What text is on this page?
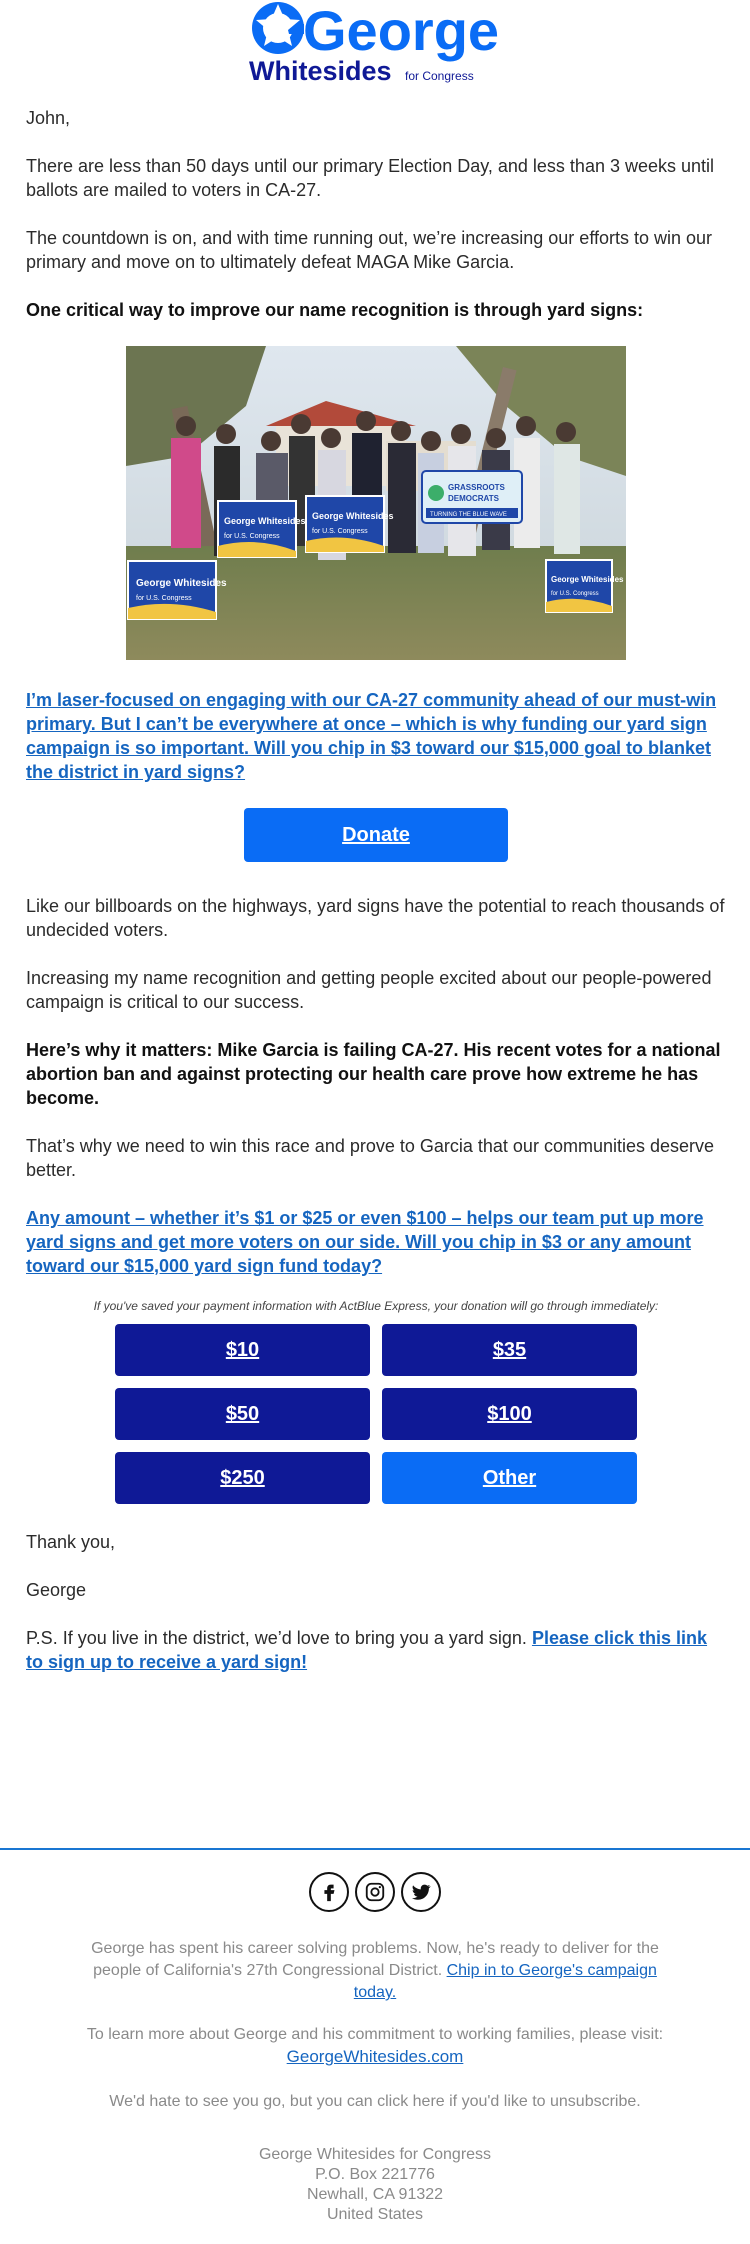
George
Whitesides for Congress

John,

There are less than 50 days until our primary Election Day, and less than 3 weeks until ballots are mailed to voters in CA-27.

The countdown is on, and with time running out, we’re increasing our efforts to win our primary and move on to ultimately defeat MAGA Mike Garcia.

One critical way to improve our name recognition is through yard signs:

George Whitesides
for U.S. Congress
George Whitesides
for U.S. Congress
GRASSROOTS
DEMOCRATS
TURNING THE BLUE WAVE
George Whitesides
for U.S. Congress
George Whitesides
for U.S. Congress

I’m laser-focused on engaging with our CA-27 community ahead of our must-win primary. But I can’t be everywhere at once – which is why funding our yard sign campaign is so important. Will you chip in $3 toward our $15,000 goal to blanket the district in yard signs?

Donate

Like our billboards on the highways, yard signs have the potential to reach thousands of undecided voters.

Increasing my name recognition and getting people excited about our people-powered campaign is critical to our success.

Here’s why it matters: Mike Garcia is failing CA-27. His recent votes for a national abortion ban and against protecting our health care prove how extreme he has become.

That’s why we need to win this race and prove to Garcia that our communities deserve better.

Any amount – whether it’s $1 or $25 or even $100 – helps our team put up more yard signs and get more voters on our side. Will you chip in $3 or any amount toward our $15,000 yard sign fund today?

If you've saved your payment information with ActBlue Express, your donation will go through immediately:
$10	$35
$50	$100
$250	Other

Thank you,

George

P.S. If you live in the district, we’d love to bring you a yard sign. Please click this link to sign up to receive a yard sign!

George has spent his career solving problems. Now, he's ready to deliver for the people of California's 27th Congressional District. Chip in to George's campaign today.
To learn more about George and his commitment to working families, please visit:
GeorgeWhitesides.com
We'd hate to see you go, but you can click here if you'd like to unsubscribe.
George Whitesides for Congress
P.O. Box 221776
Newhall, CA 91322
United States
